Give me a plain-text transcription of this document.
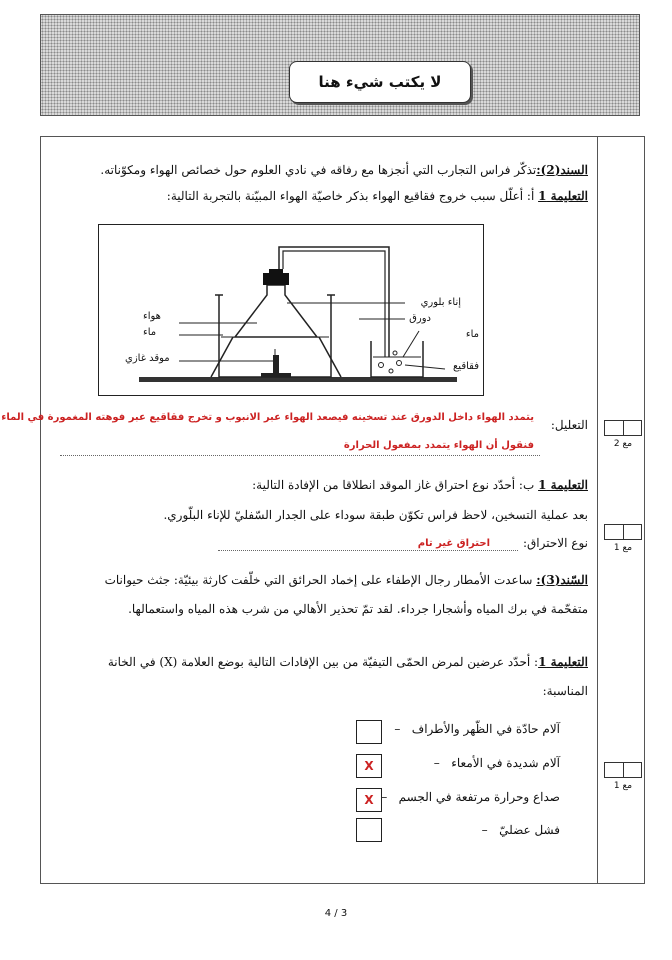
لا يكتب شيء هنا
السند(2):تذكّر فراس التجارب التي أنجزها مع رفاقه في نادي العلوم حول خصائص الهواء ومكوّناته.
التعليمة 1 أ: أعلّل سبب خروج فقاقيع الهواء بذكر خاصيّة الهواء المبيّنة بالتجربة التالية:
إناء بلوري
دورق
ماء
فقاقيع
هواء
ماء
موقد غازي
التعليل:
يتمدد الهواء داخل الدورق عند تسخينه فيصعد الهواء عبر الانبوب و تخرج فقاقيع عبر فوهته المغمورة في الماء
فنقول أن الهواء يتمدد بمفعول الحرارة	مع 2
التعليمة 1 ب: أحدّد نوع احتراق غاز الموقد انطلاقا من الإفادة التالية:
بعد عملية التسخين، لاحظ فراس تكوّن طبقة سوداء على الجدار السّفليّ للإناء البلّوري.
نوع الاحتراق:
احتراق غير تام	مع 1
السّند(3): ساعدت الأمطار رجال الإطفاء على إخماد الحرائق التي خلّفت كارثة بيئيّة: جثث حيوانات
متفحّمة في برك المياه وأشجارا جرداء. لقد تمّ تحذير الأهالي من شرب هذه المياه واستعمالها.
التعليمة 1: أحدّد عرضين لمرض الحمّى التيفيّة من بين الإفادات التالية بوضع العلامة (X) في الخانة
المناسبة:
آلام حادّة في الظّهر والأطراف   –
آلام شديدة في الأمعاء   –
X
صداع وحرارة مرتفعة في الجسم   –
X
فشل عضليّ   –
مع 1
4 / 3
